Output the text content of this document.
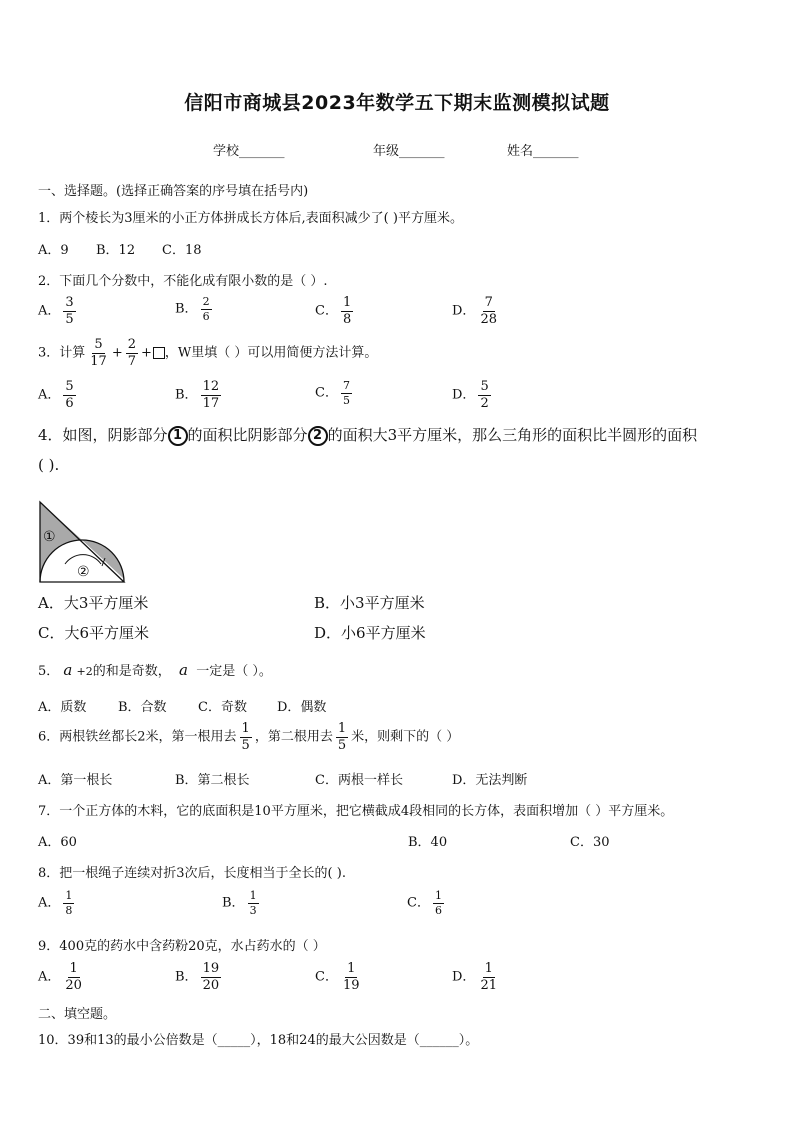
信阳市商城县2023年数学五下期末监测模拟试题
学校_______	年级_______	姓名_______
一、选择题。(选择正确答案的序号填在括号内)
1．两个棱长为3厘米的小正方体拼成长方体后,表面积减少了( )平方厘米。
A．9 B．12 C．18
2．下面几个分数中，不能化成有限小数的是（ ）.
A． $\frac{3}{5}$	B． $\frac{2}{6}$	C． $\frac{1}{8}$	D． $\frac{7}{28}$
3．计算 $\frac{5}{17} + \frac{2}{7}$ + ，W里填（ ）可以用简便方法计算。
A． $\frac{5}{6}$	B． $\frac{12}{17}$	C． $\frac{7}{5}$	D． $\frac{5}{2}$
4．如图，阴影部分 1 的面积比阴影部分 2 的面积大3平方厘米，那么三角形的面积比半圆形的面积
( ).
①
②
A．大3平方厘米	B．小3平方厘米
C．大6平方厘米	D．小6平方厘米
5． a +2的和是奇数， a 一定是（ ）。
A．质数 B．合数 C．奇数 D．偶数
6．两根铁丝都长2米，第一根用去 $\frac{1}{5}$ ，第二根用去 $\frac{1}{5}$ 米，则剩下的（ ）
A．第一根长	B．第二根长	C．两根一样长	D．无法判断
7．一个正方体的木料，它的底面积是10平方厘米，把它横截成4段相同的长方体，表面积增加（ ）平方厘米。
A．60	B．40	C．30
8．把一根绳子连续对折3次后，长度相当于全长的( ).
A． $\frac{1}{8}$	B． $\frac{1}{3}$	C． $\frac{1}{6}$
9．400克的药水中含药粉20克，水占药水的（ ）
A． $\frac{1}{20}$	B． $\frac{19}{20}$	C． $\frac{1}{19}$	D． $\frac{1}{21}$
二、填空题。
10．39和13的最小公倍数是（_____），18和24的最大公因数是（______）。
